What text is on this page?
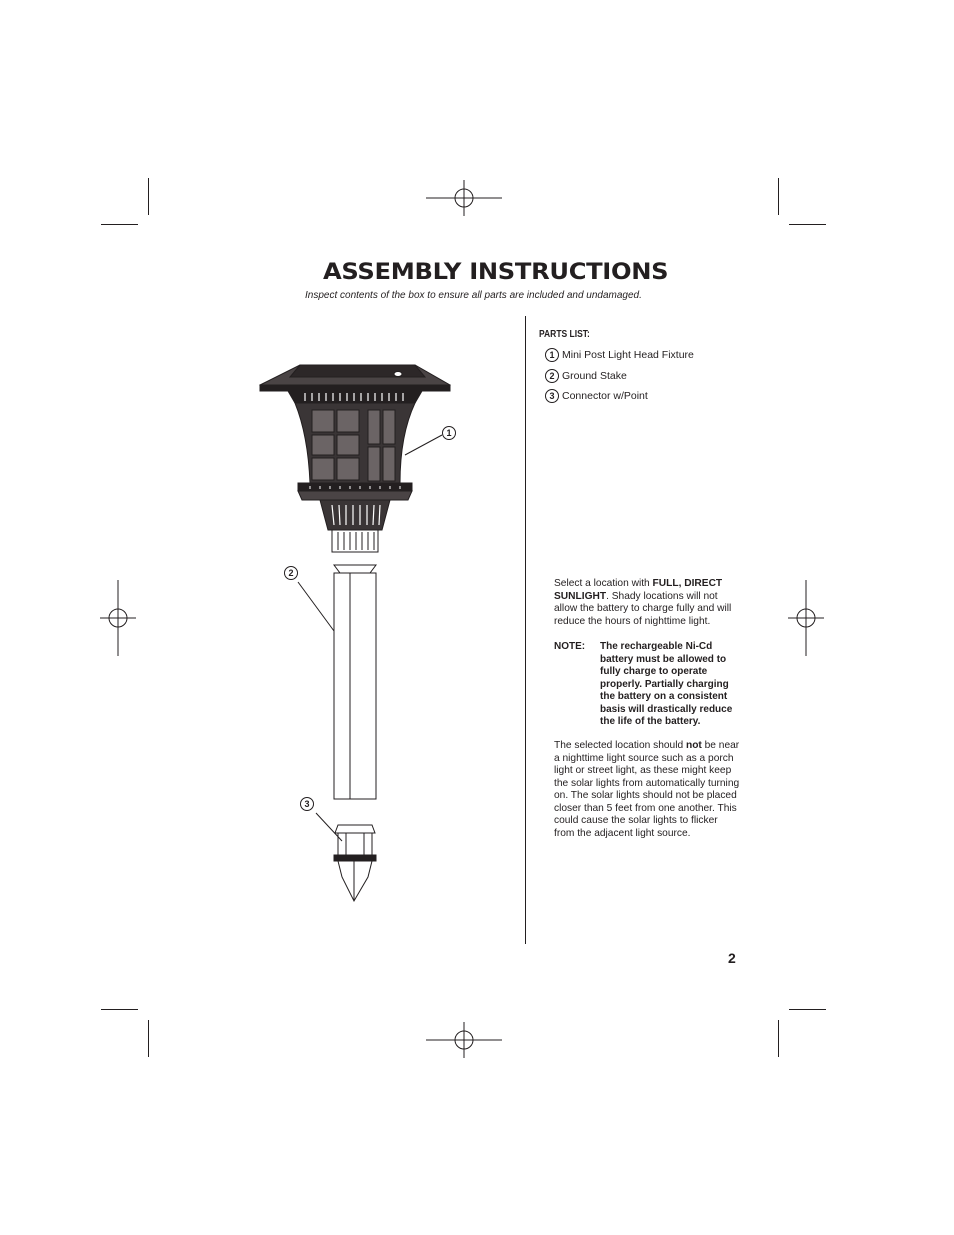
ASSEMBLY INSTRUCTIONS
Inspect contents of the box to ensure all parts are included and undamaged.
1
2
3
PARTS LIST:
1 Mini Post Light Head Fixture
2 Ground Stake
3 Connector w/Point
Select a location with FULL, DIRECT SUNLIGHT. Shady locations will not allow the battery to charge fully and will reduce the hours of nighttime light.
NOTE: The rechargeable Ni-Cd battery must be allowed to fully charge to operate properly. Partially charging the battery on a consistent basis will drastically reduce the life of the battery.
The selected location should not be near a nighttime light source such as a porch light or street light, as these might keep the solar lights from automatically turning on. The solar lights should not be placed closer than 5 feet from one another. This could cause the solar lights to flicker from the adjacent light source.
2
